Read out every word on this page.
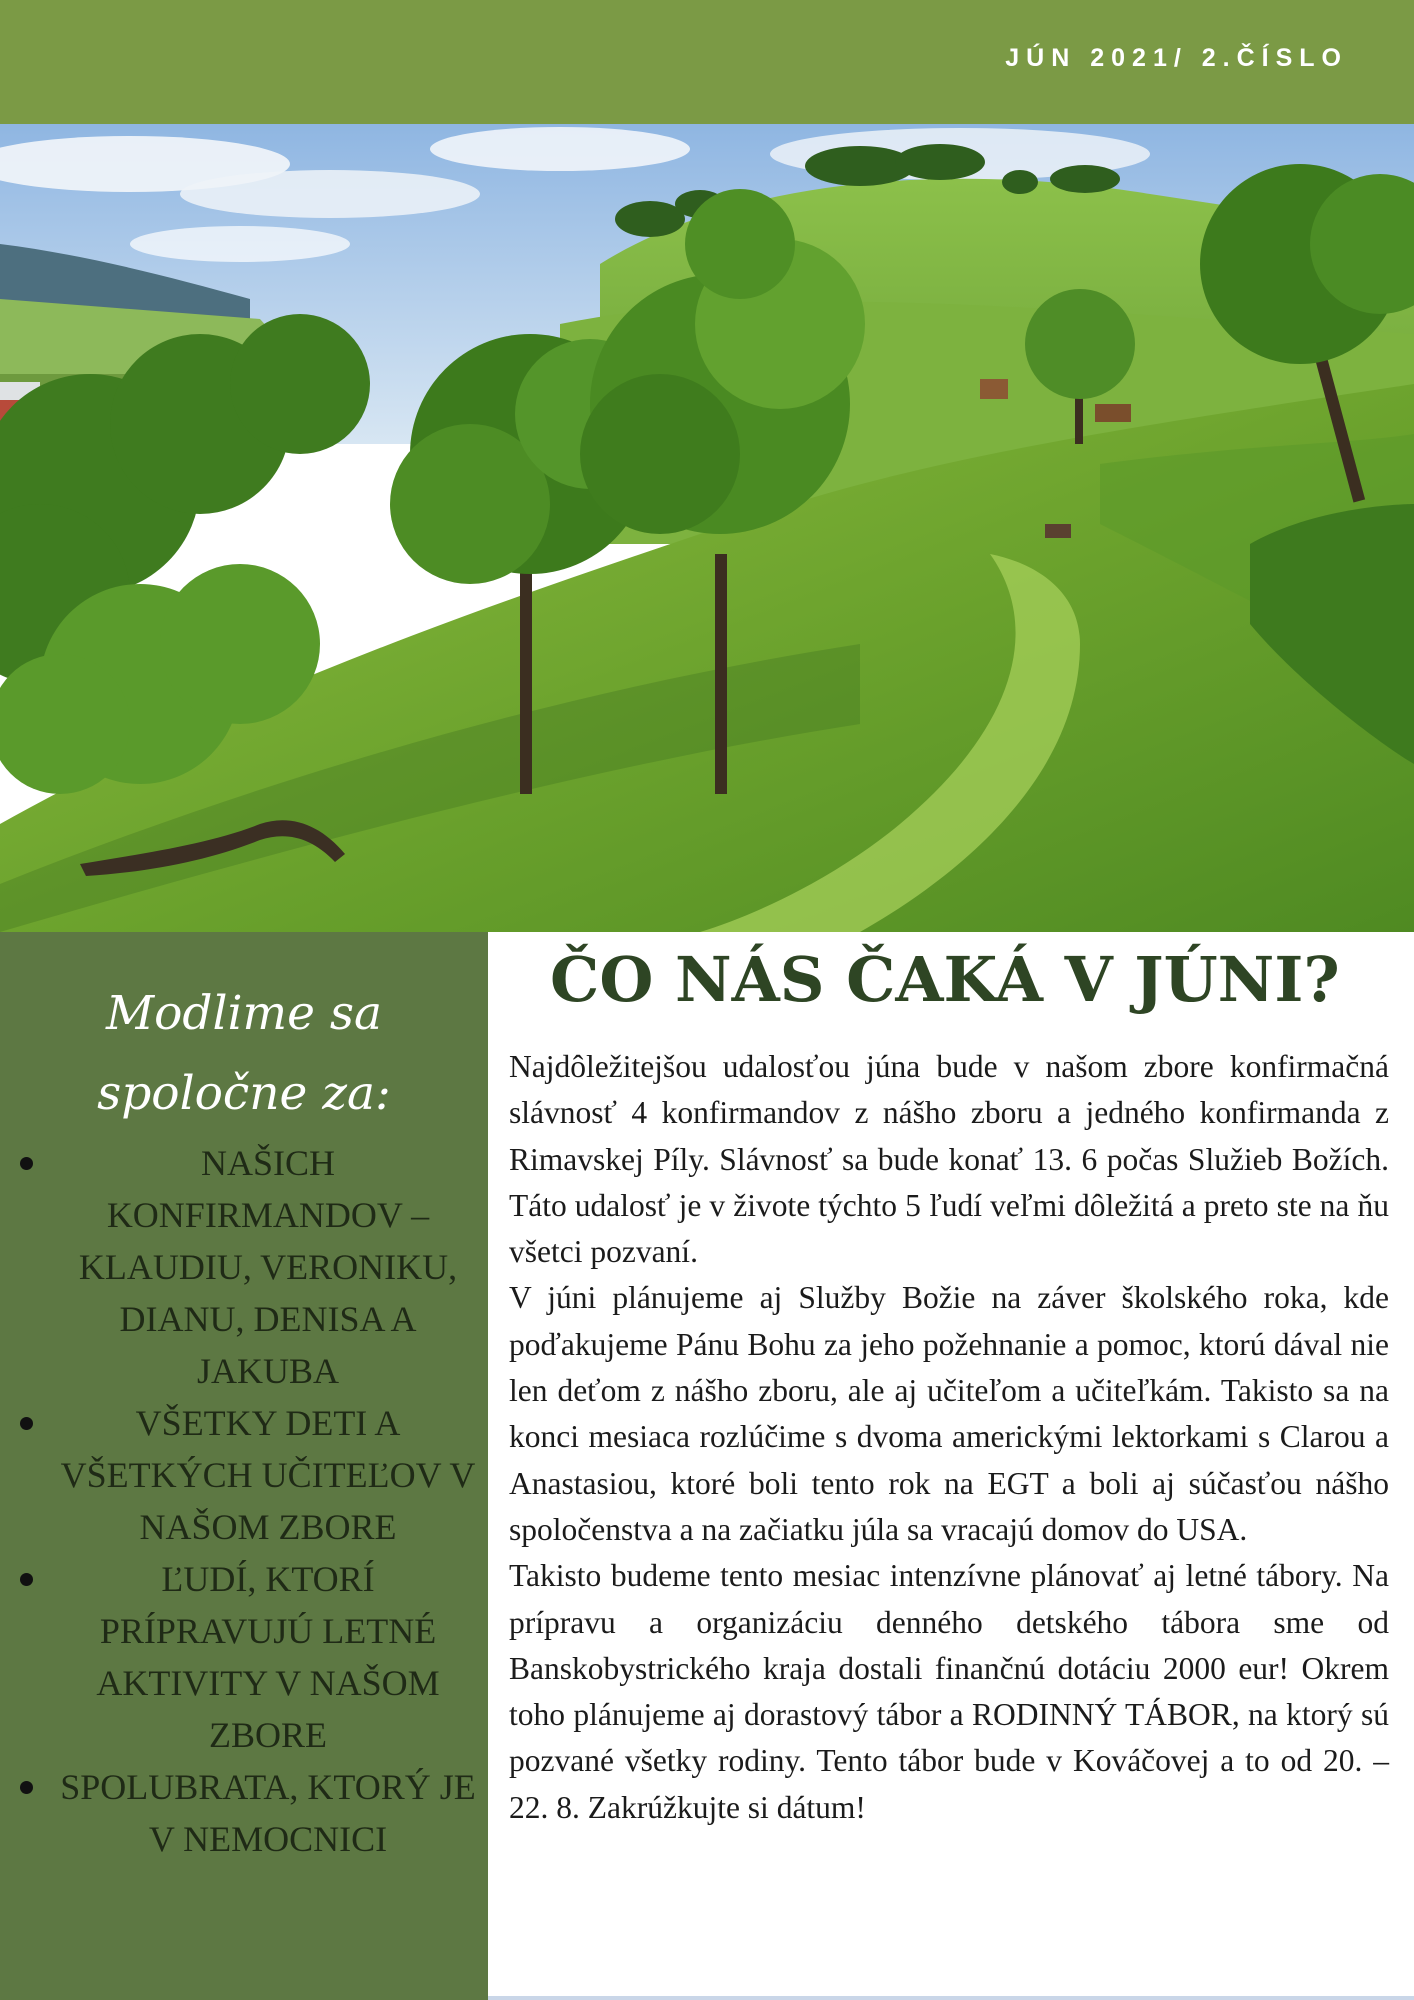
JÚN 2021/ 2.ČÍSLO
Modlime sa
spoločne za:
NAŠICH KONFIRMANDOV – KLAUDIU, VERONIKU, DIANU, DENISA A JAKUBA
VŠETKY DETI A VŠETKÝCH UČITEĽOV V NAŠOM ZBORE
ĽUDÍ, KTORÍ PRÍPRAVUJÚ LETNÉ AKTIVITY V NAŠOM ZBORE
SPOLUBRATA, KTORÝ JE V NEMOCNICI
ČO NÁS ČAKÁ V JÚNI?

Najdôležitejšou udalosťou júna bude v našom zbore konfirmačná slávnosť 4 konfirmandov z nášho zboru a jedného konfirmanda z Rimavskej Píly. Slávnosť sa bude konať 13. 6 počas Služieb Božích. Táto udalosť je v živote týchto 5 ľudí veľmi dôležitá a preto ste na ňu všetci pozvaní.

V júni plánujeme aj Služby Božie na záver školského roka, kde poďakujeme Pánu Bohu za jeho požehnanie a pomoc, ktorú dával nie len deťom z nášho zboru, ale aj učiteľom a učiteľkám. Takisto sa na konci mesiaca rozlúčime s dvoma americkými lektorkami s Clarou a Anastasiou, ktoré boli tento rok na EGT a boli aj súčasťou nášho spoločenstva a na začiatku júla sa vracajú domov do USA.

Takisto budeme tento mesiac intenzívne plánovať aj letné tábory. Na prípravu a organizáciu denného detského tábora sme od Banskobystrického kraja dostali finančnú dotáciu 2000 eur! Okrem toho plánujeme aj dorastový tábor a RODINNÝ TÁBOR, na ktorý sú pozvané všetky rodiny. Tento tábor bude v Kováčovej a to od 20. – 22. 8. Zakrúžkujte si dátum!
